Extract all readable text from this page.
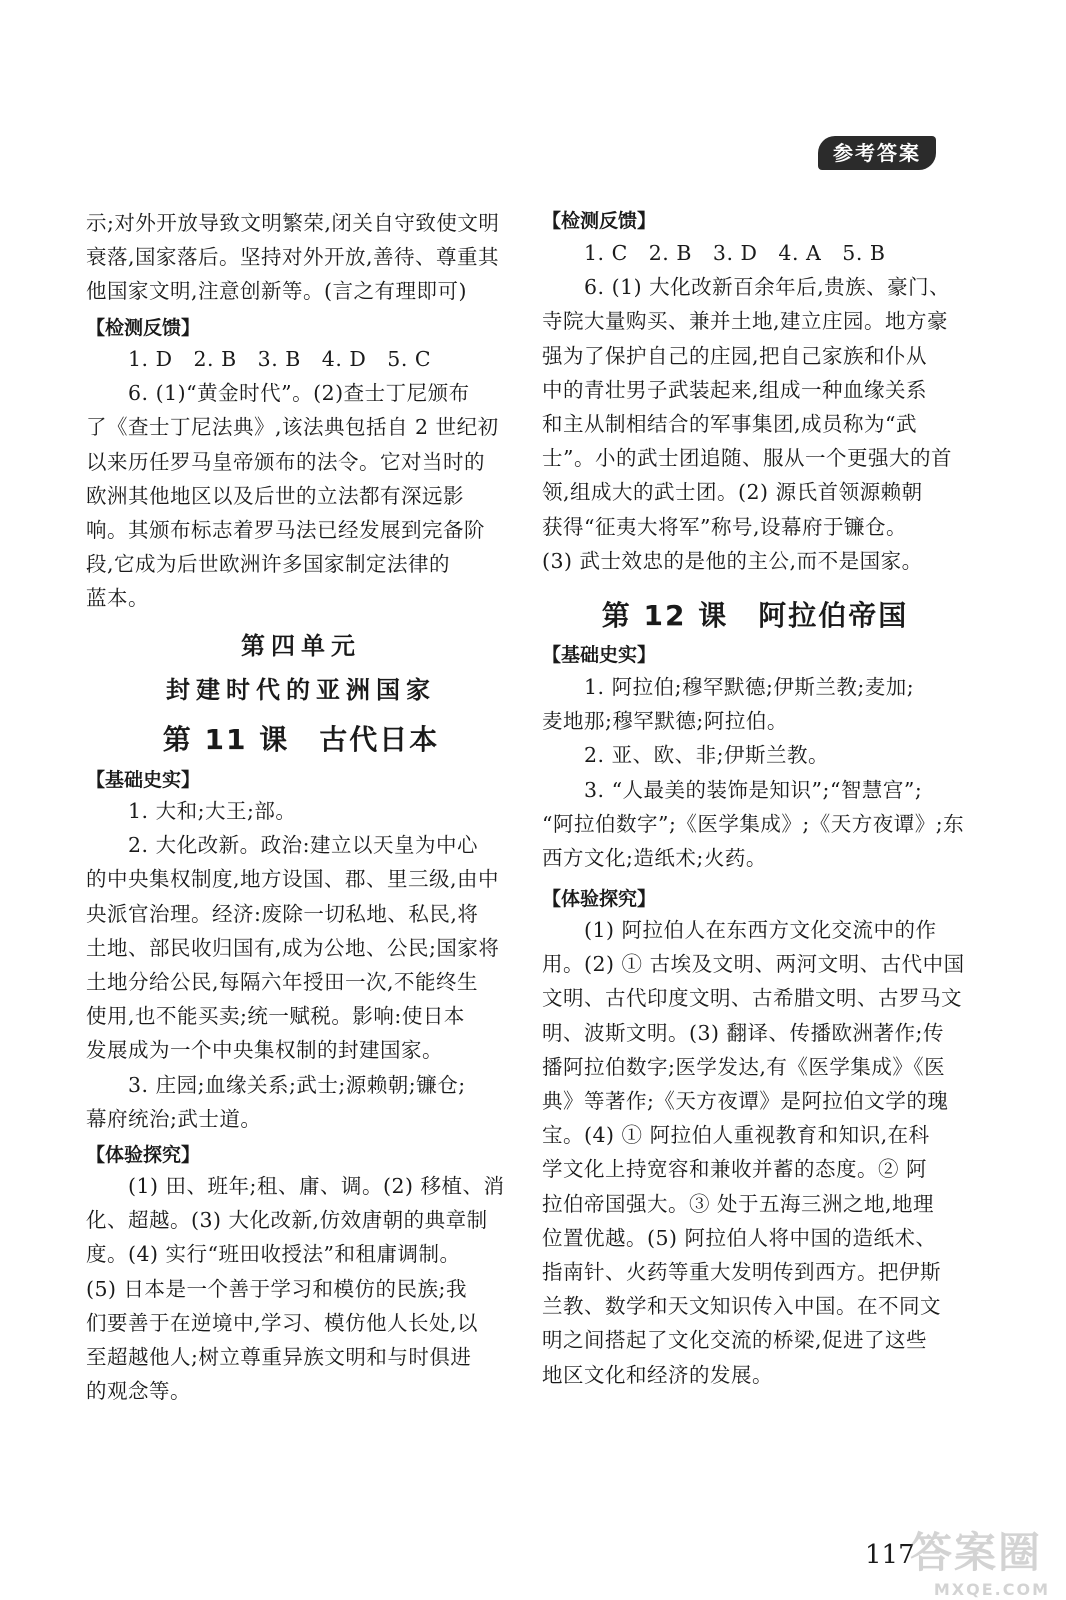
参考答案
示;对外开放导致文明繁荣,闭关自守致使文明
衰落,国家落后。坚持对外开放,善待、尊重其
他国家文明,注意创新等。(言之有理即可)
【检测反馈】
　　1. D　2. B　3. B　4. D　5. C
　　6. (1)“黄金时代”。(2)查士丁尼颁布
了《查士丁尼法典》,该法典包括自 2 世纪初
以来历任罗马皇帝颁布的法令。它对当时的
欧洲其他地区以及后世的立法都有深远影
响。其颁布标志着罗马法已经发展到完备阶
段,它成为后世欧洲许多国家制定法律的
蓝本。
第四单元
封建时代的亚洲国家
第 11 课　古代日本
【基础史实】
　　1. 大和;大王;部。
　　2. 大化改新。政治:建立以天皇为中心
的中央集权制度,地方设国、郡、里三级,由中
央派官治理。经济:废除一切私地、私民,将
土地、部民收归国有,成为公地、公民;国家将
土地分给公民,每隔六年授田一次,不能终生
使用,也不能买卖;统一赋税。影响:使日本
发展成为一个中央集权制的封建国家。
　　3. 庄园;血缘关系;武士;源赖朝;镰仓;
幕府统治;武士道。
【体验探究】
　　(1) 田、班年;租、庸、调。(2) 移植、消
化、超越。(3) 大化改新,仿效唐朝的典章制
度。(4) 实行“班田收授法”和租庸调制。
(5) 日本是一个善于学习和模仿的民族;我
们要善于在逆境中,学习、模仿他人长处,以
至超越他人;树立尊重异族文明和与时俱进
的观念等。
【检测反馈】
　　1. C　2. B　3. D　4. A　5. B
　　6. (1) 大化改新百余年后,贵族、豪门、
寺院大量购买、兼并土地,建立庄园。地方豪
强为了保护自己的庄园,把自己家族和仆从
中的青壮男子武装起来,组成一种血缘关系
和主从制相结合的军事集团,成员称为“武
士”。小的武士团追随、服从一个更强大的首
领,组成大的武士团。(2) 源氏首领源赖朝
获得“征夷大将军”称号,设幕府于镰仓。
(3) 武士效忠的是他的主公,而不是国家。
第 12 课　阿拉伯帝国
【基础史实】
　　1. 阿拉伯;穆罕默德;伊斯兰教;麦加;
麦地那;穆罕默德;阿拉伯。
　　2. 亚、欧、非;伊斯兰教。
　　3. “人最美的装饰是知识”;“智慧宫”;
“阿拉伯数字”;《医学集成》;《天方夜谭》;东
西方文化;造纸术;火药。
【体验探究】
　　(1) 阿拉伯人在东西方文化交流中的作
用。(2) ① 古埃及文明、两河文明、古代中国
文明、古代印度文明、古希腊文明、古罗马文
明、波斯文明。(3) 翻译、传播欧洲著作;传
播阿拉伯数字;医学发达,有《医学集成》《医
典》等著作;《天方夜谭》是阿拉伯文学的瑰
宝。(4) ① 阿拉伯人重视教育和知识,在科
学文化上持宽容和兼收并蓄的态度。② 阿
拉伯帝国强大。③ 处于五海三洲之地,地理
位置优越。(5) 阿拉伯人将中国的造纸术、
指南针、火药等重大发明传到西方。把伊斯
兰教、数学和天文知识传入中国。在不同文
明之间搭起了文化交流的桥梁,促进了这些
地区文化和经济的发展。
117
答案圈
MXQE.COM
